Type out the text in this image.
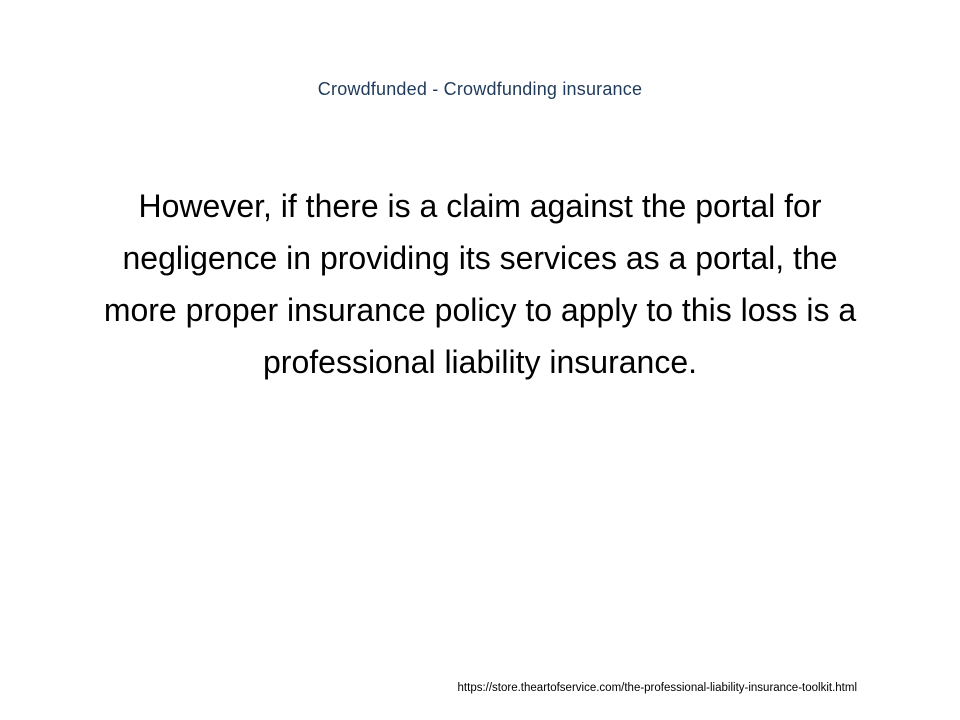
Crowdfunded - Crowdfunding insurance
However, if there is a claim against the portal for negligence in providing its services as a portal, the more proper insurance policy to apply to this loss is a professional liability insurance.
https://store.theartofservice.com/the-professional-liability-insurance-toolkit.html
